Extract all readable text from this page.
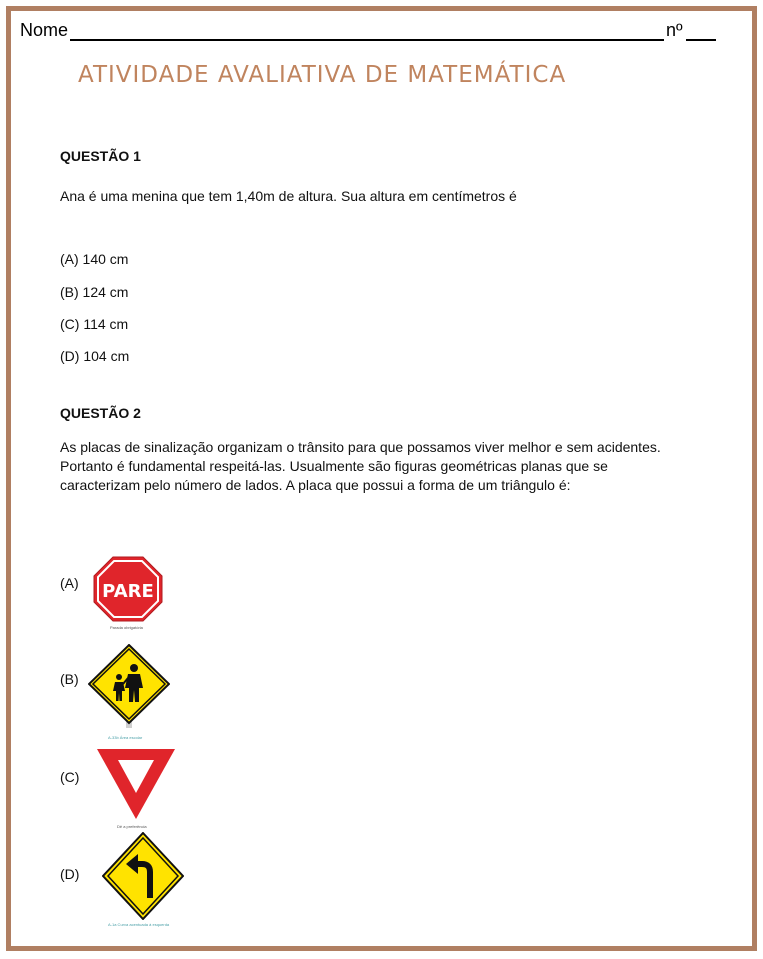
Nome	nº
ATIVIDADE AVALIATIVA DE MATEMÁTICA
QUESTÃO 1
Ana é uma menina que tem 1,40m de altura. Sua altura em centímetros é
(A) 140 cm
(B) 124 cm
(C) 114 cm
(D) 104 cm
QUESTÃO 2
As placas de sinalização organizam o trânsito para que possamos viver melhor e sem acidentes.
Portanto é fundamental respeitá-las. Usualmente são figuras geométricas planas que se
caracterizam pelo número de lados. A placa que possui a forma de um triângulo é:
(A) PARE
Parada obrigatória
(B)
A-33b Área escolar
(C)
Dê a preferência
(D)
A-1a Curva acentuada à esquerda
